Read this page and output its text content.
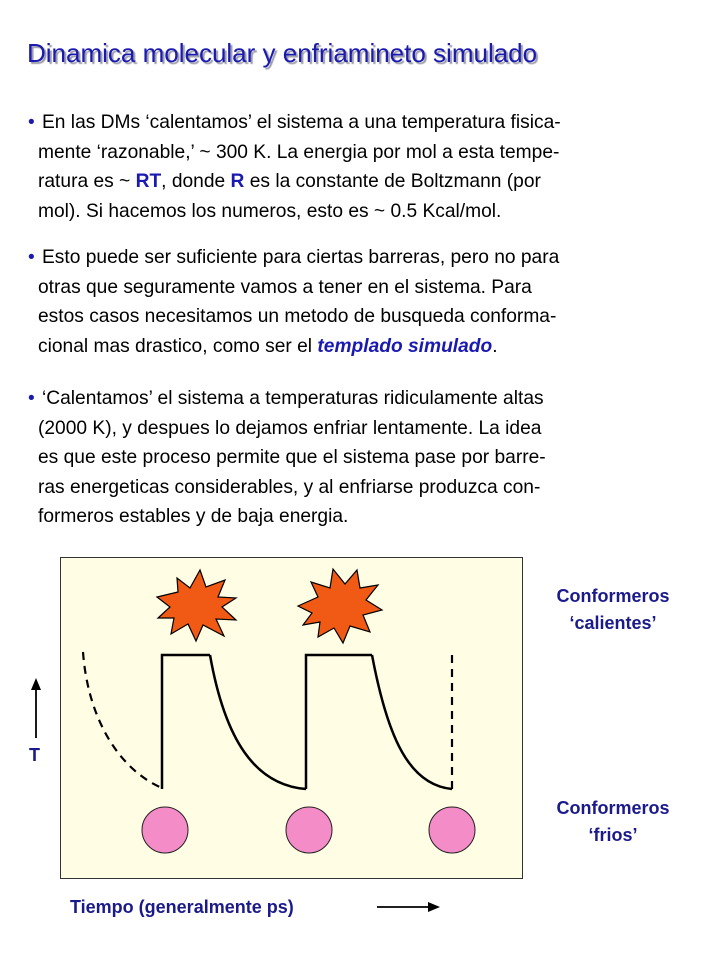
Dinamica molecular y enfriamineto simulado
• En las DMs ‘calentamos’ el sistema a una temperatura fisica-
mente ‘razonable,’ ~ 300 K. La energia por mol a esta tempe-
ratura es ~ RT, donde R es la constante de Boltzmann (por
mol). Si hacemos los numeros, esto es ~ 0.5 Kcal/mol.
• Esto puede ser suficiente para ciertas barreras, pero no para
otras que seguramente vamos a tener en el sistema. Para
estos casos necesitamos un metodo de busqueda conforma-
cional mas drastico, como ser el templado simulado.
• ‘Calentamos’ el sistema a temperaturas ridiculamente altas
(2000 K), y despues lo dejamos enfriar lentamente. La idea
es que este proceso permite que el sistema pase por barre-
ras energeticas considerables, y al enfriarse produzca con-
formeros estables y de baja energia.
Conformeros
‘calientes’
Conformeros
‘frios’
T
Tiempo (generalmente ps)
